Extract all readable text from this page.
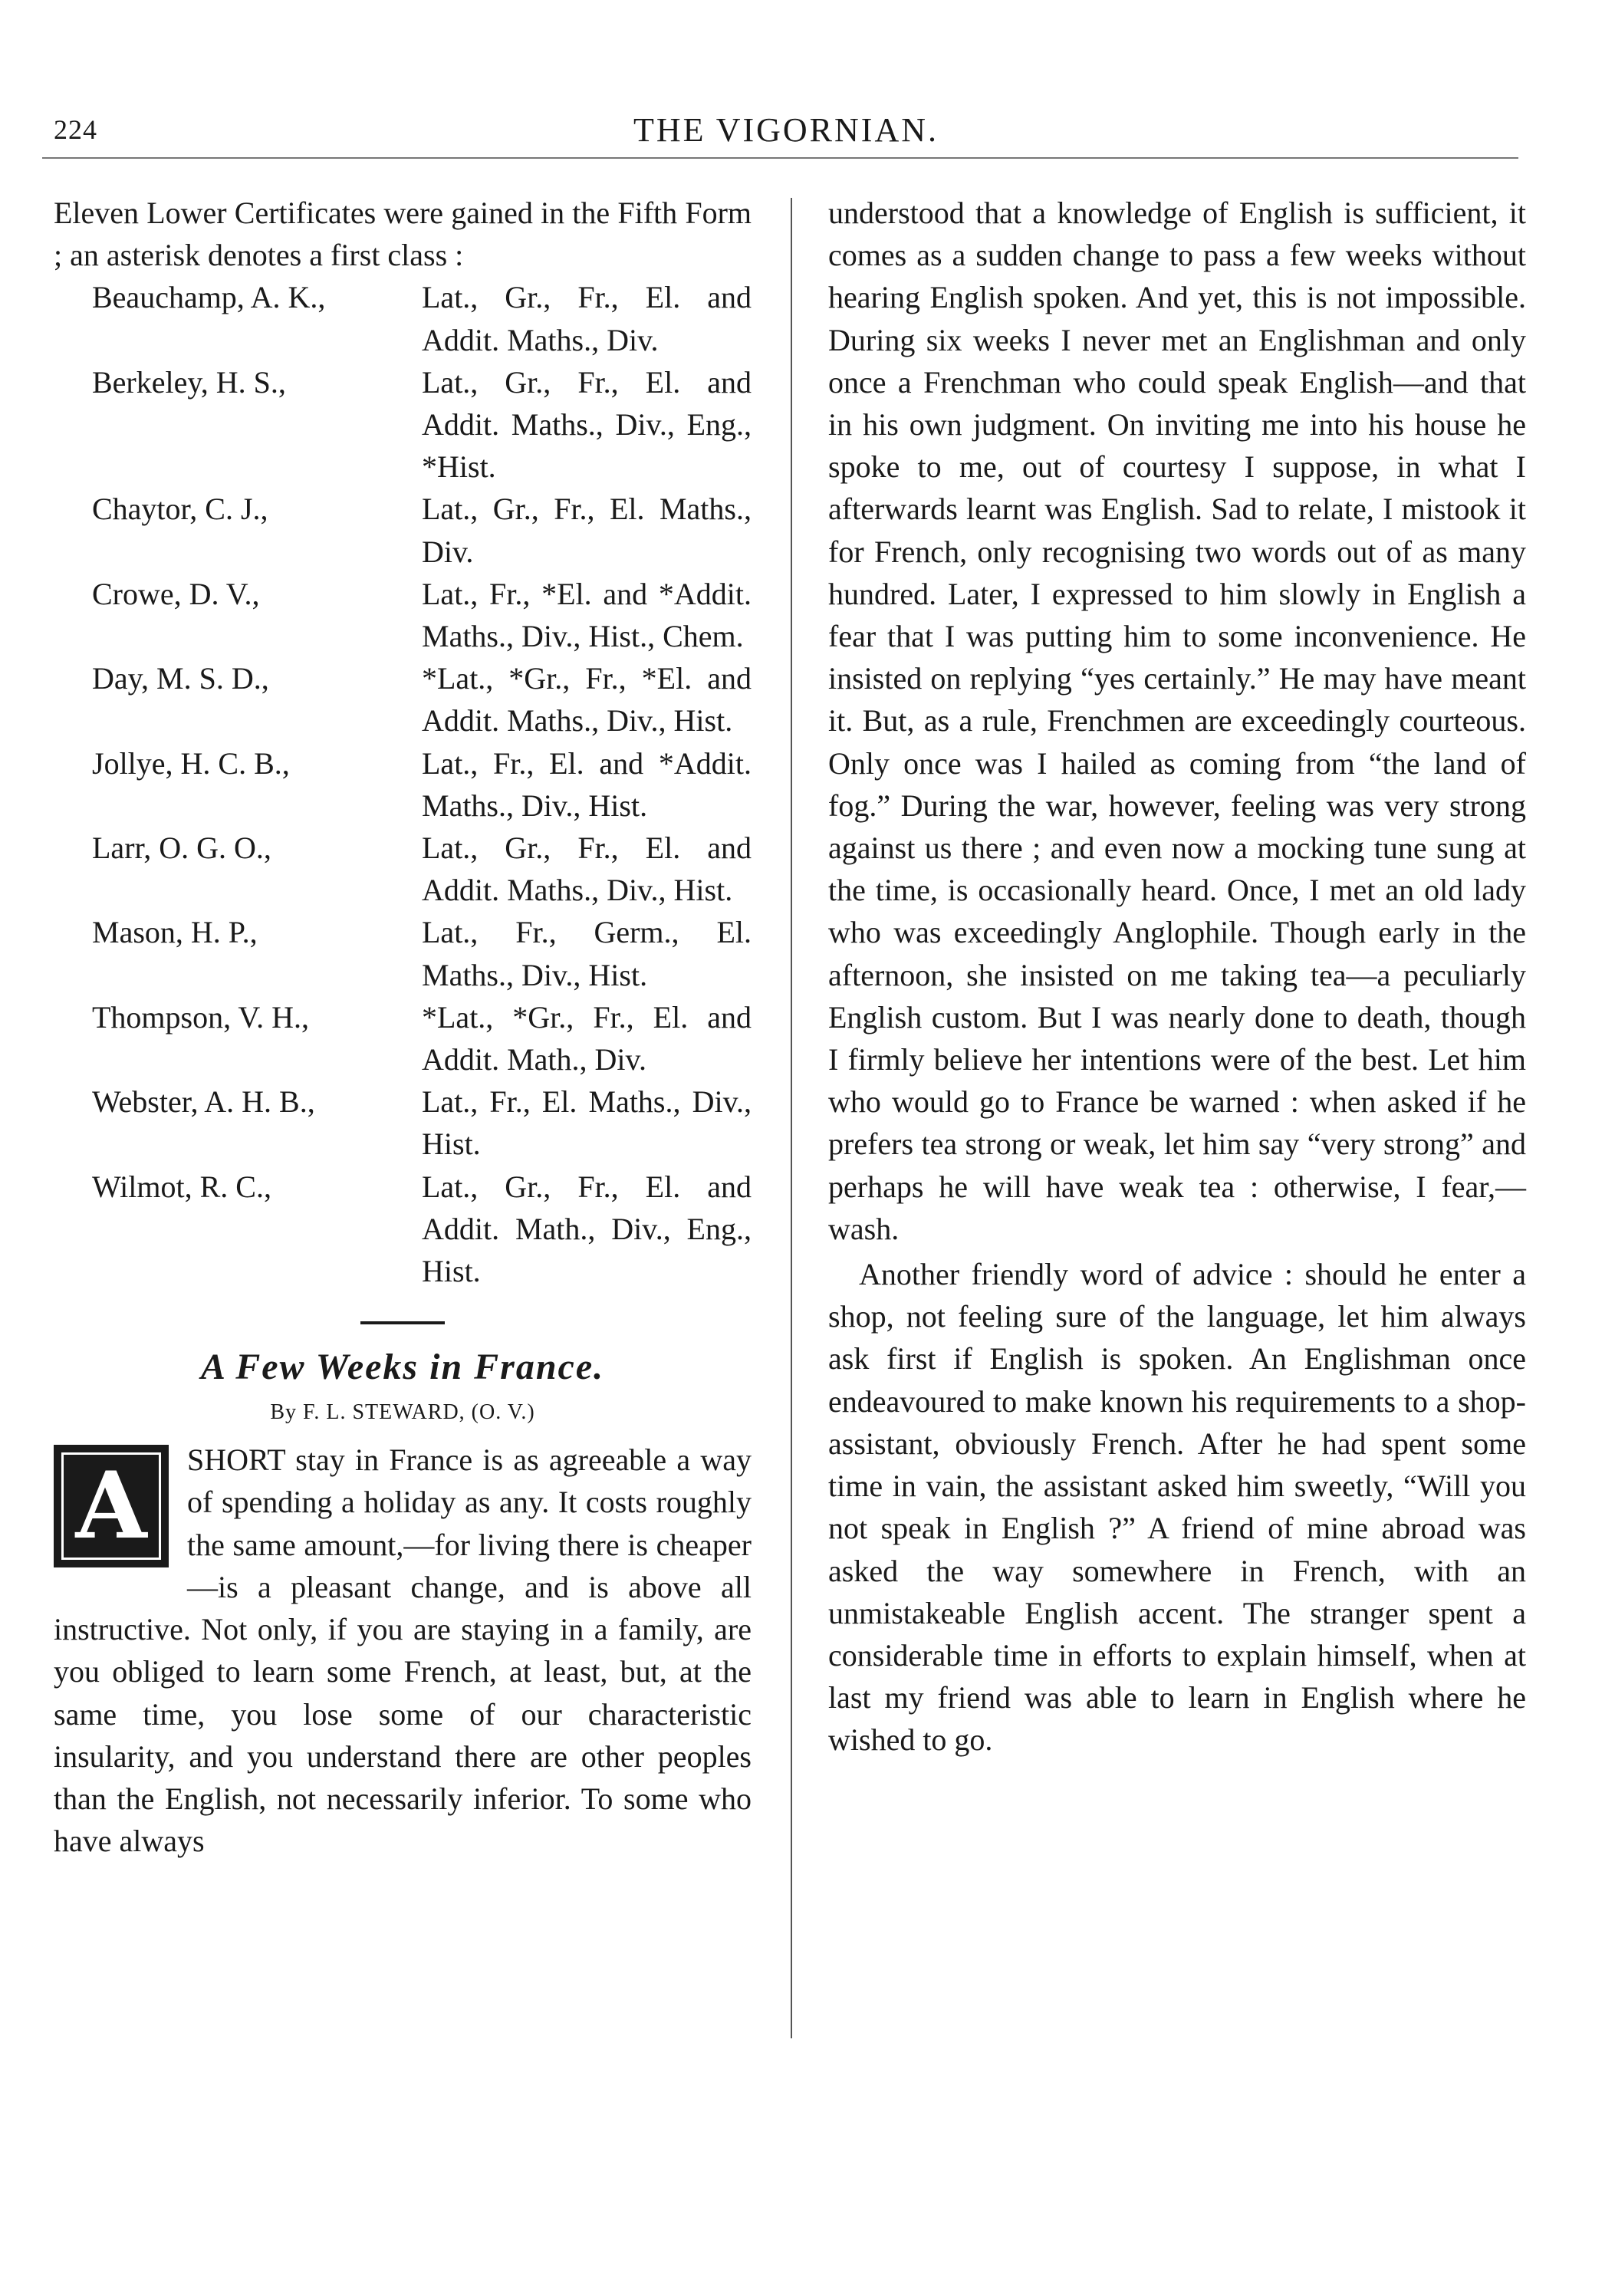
224	THE VIGORNIAN.

Eleven Lower Certificates were gained in the Fifth Form ; an asterisk denotes a first class :

Beauchamp, A. K.,	Lat., Gr., Fr., El. and Addit. Maths., Div.
Berkeley, H. S.,	Lat., Gr., Fr., El. and Addit. Maths., Div., Eng., *Hist.
Chaytor, C. J.,	Lat., Gr., Fr., El. Maths., Div.
Crowe, D. V.,	Lat., Fr., *El. and *Addit. Maths., Div., Hist., Chem.
Day, M. S. D.,	*Lat., *Gr., Fr., *El. and Addit. Maths., Div., Hist.
Jollye, H. C. B.,	Lat., Fr., El. and *Addit. Maths., Div., Hist.
Larr, O. G. O.,	Lat., Gr., Fr., El. and Addit. Maths., Div., Hist.
Mason, H. P.,	Lat., Fr., Germ., El. Maths., Div., Hist.
Thompson, V. H.,	*Lat., *Gr., Fr., El. and Addit. Math., Div.
Webster, A. H. B.,	Lat., Fr., El. Maths., Div., Hist.
Wilmot, R. C.,	Lat., Gr., Fr., El. and Addit. Math., Div., Eng., Hist.
A Few Weeks in France.
By F. L. STEWARD, (O. V.)
A	SHORT stay in France is as agreeable a way of spending a holiday as any. It costs roughly the same amount,—for living there is cheaper—is a pleasant change, and is above all instructive. Not only, if you are staying in a family, are you obliged to learn some French, at least, but, at the same time, you lose some of our characteristic insularity, and you understand there are other peoples than the English, not necessarily inferior. To some who have always

understood that a knowledge of English is sufficient, it comes as a sudden change to pass a few weeks without hearing English spoken. And yet, this is not impossible. During six weeks I never met an Englishman and only once a Frenchman who could speak English—and that in his own judgment. On inviting me into his house he spoke to me, out of courtesy I suppose, in what I afterwards learnt was English. Sad to relate, I mistook it for French, only recognising two words out of as many hundred. Later, I expressed to him slowly in English a fear that I was putting him to some inconvenience. He insisted on replying “yes certainly.” He may have meant it. But, as a rule, Frenchmen are exceedingly courteous. Only once was I hailed as coming from “the land of fog.” During the war, however, feeling was very strong against us there ; and even now a mocking tune sung at the time, is occasionally heard. Once, I met an old lady who was exceedingly Anglophile. Though early in the afternoon, she insisted on me taking tea—a peculiarly English custom. But I was nearly done to death, though I firmly believe her intentions were of the best. Let him who would go to France be warned : when asked if he prefers tea strong or weak, let him say “very strong” and perhaps he will have weak tea : otherwise, I fear,—wash.

Another friendly word of advice : should he enter a shop, not feeling sure of the language, let him always ask first if English is spoken. An Englishman once endeavoured to make known his requirements to a shop-assistant, obviously French. After he had spent some time in vain, the assistant asked him sweetly, “Will you not speak in English ?” A friend of mine abroad was asked the way somewhere in French, with an unmistakeable English accent. The stranger spent a considerable time in efforts to explain himself, when at last my friend was able to learn in English where he wished to go.
